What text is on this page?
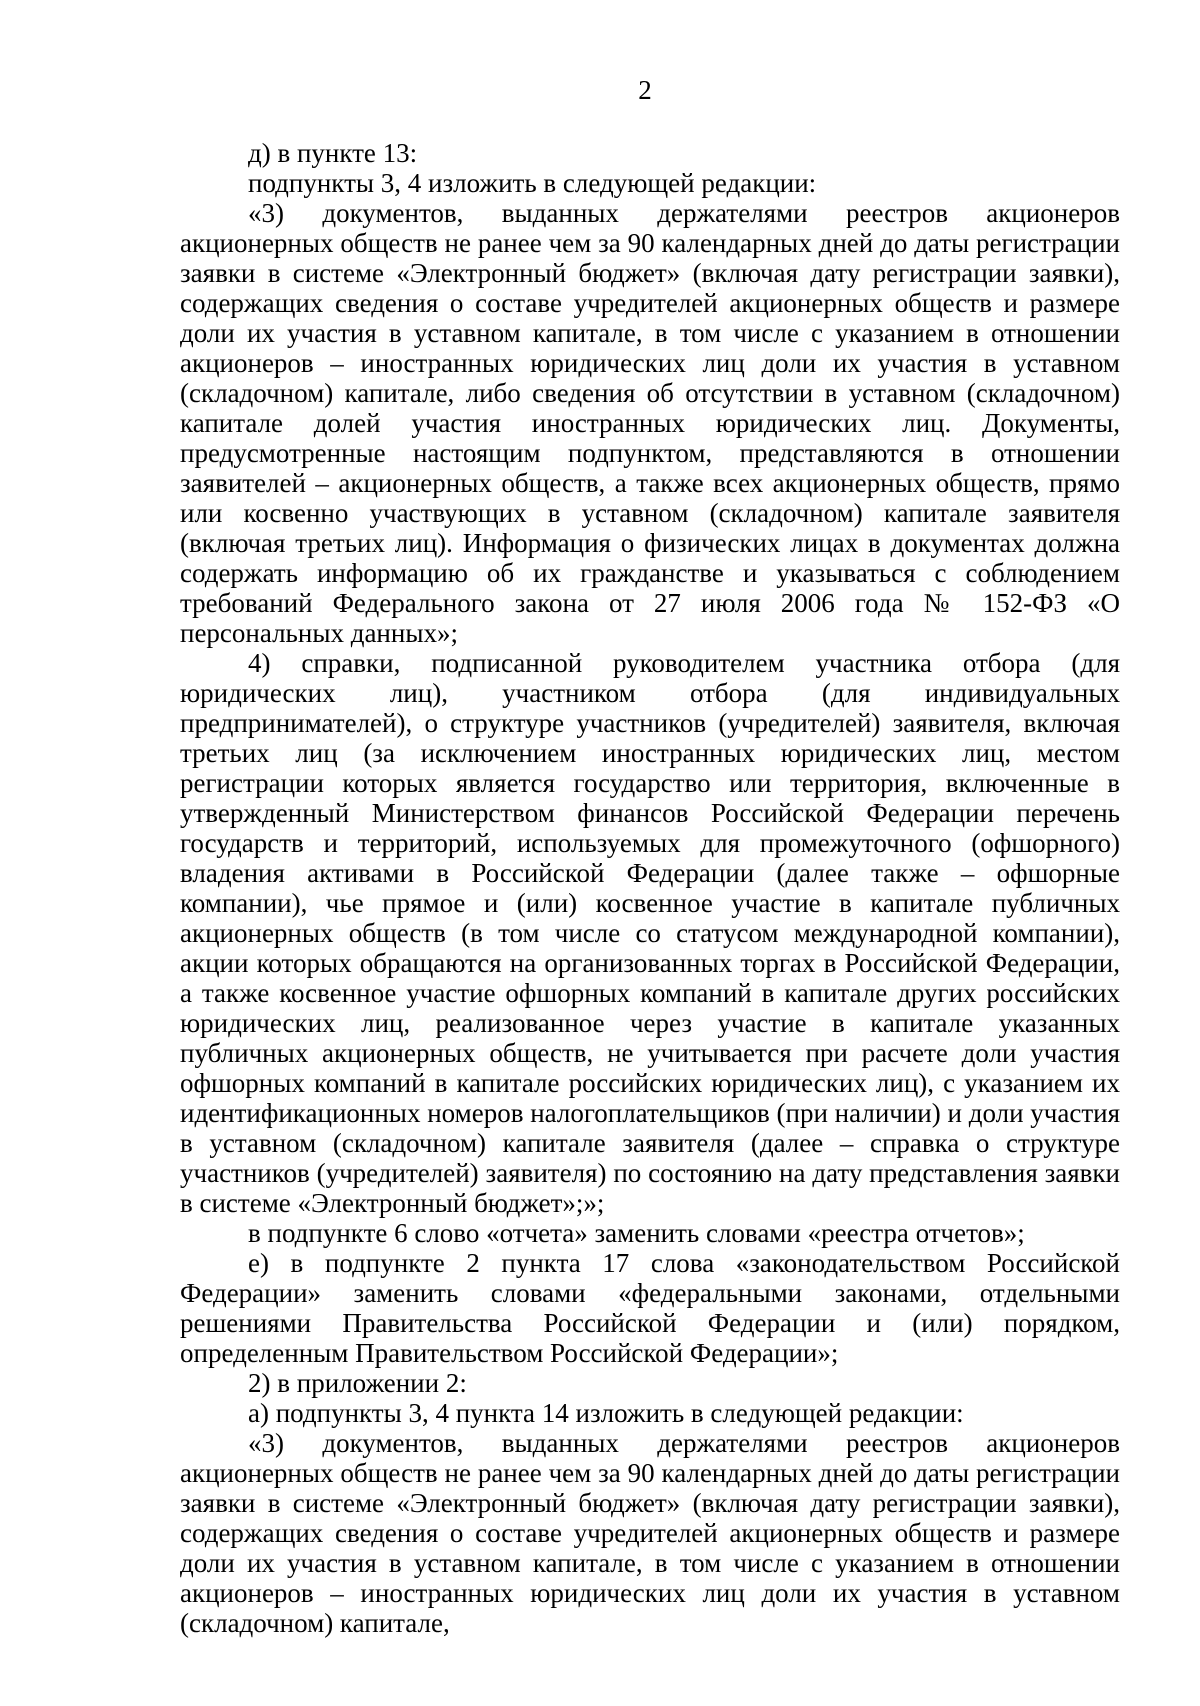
2

д) в пункте 13:

подпункты 3, 4 изложить в следующей редакции:

«3) документов, выданных держателями реестров акционеров акционерных обществ не ранее чем за 90 календарных дней до даты регистрации заявки в системе «Электронный бюджет» (включая дату регистрации заявки), содержащих сведения о составе учредителей акционерных обществ и размере доли их участия в уставном капитале, в том числе с указанием в отношении акционеров – иностранных юридических лиц доли их участия в уставном (складочном) капитале, либо сведения об отсутствии в уставном (складочном) капитале долей участия иностранных юридических лиц. Документы, предусмотренные настоящим подпунктом, представляются в отношении заявителей – акционерных обществ, а также всех акционерных обществ, прямо или косвенно участвующих в уставном (складочном) капитале заявителя (включая третьих лиц). Информация о физических лицах в документах должна содержать информацию об их гражданстве и указываться с соблюдением требований Федерального закона от 27 июля 2006 года № 152-ФЗ «О персональных данных»;

4) справки, подписанной руководителем участника отбора (для юридических лиц), участником отбора (для индивидуальных предпринимателей), о структуре участников (учредителей) заявителя, включая третьих лиц (за исключением иностранных юридических лиц, местом регистрации которых является государство или территория, включенные в утвержденный Министерством финансов Российской Федерации перечень государств и территорий, используемых для промежуточного (офшорного) владения активами в Российской Федерации (далее также – офшорные компании), чье прямое и (или) косвенное участие в капитале публичных акционерных обществ (в том числе со статусом международной компании), акции которых обращаются на организованных торгах в Российской Федерации, а также косвенное участие офшорных компаний в капитале других российских юридических лиц, реализованное через участие в капитале указанных публичных акционерных обществ, не учитывается при расчете доли участия офшорных компаний в капитале российских юридических лиц), с указанием их идентификационных номеров налогоплательщиков (при наличии) и доли участия в уставном (складочном) капитале заявителя (далее – справка о структуре участников (учредителей) заявителя) по состоянию на дату представления заявки в системе «Электронный бюджет»;»;

в подпункте 6 слово «отчета» заменить словами «реестра отчетов»;

е) в подпункте 2 пункта 17 слова «законодательством Российской Федерации» заменить словами «федеральными законами, отдельными решениями Правительства Российской Федерации и (или) порядком, определенным Правительством Российской Федерации»;

2) в приложении 2:

а) подпункты 3, 4 пункта 14 изложить в следующей редакции:

«3) документов, выданных держателями реестров акционеров акционерных обществ не ранее чем за 90 календарных дней до даты регистрации заявки в системе «Электронный бюджет» (включая дату регистрации заявки), содержащих сведения о составе учредителей акционерных обществ и размере доли их участия в уставном капитале, в том числе с указанием в отношении акционеров – иностранных юридических лиц доли их участия в уставном (складочном) капитале,
